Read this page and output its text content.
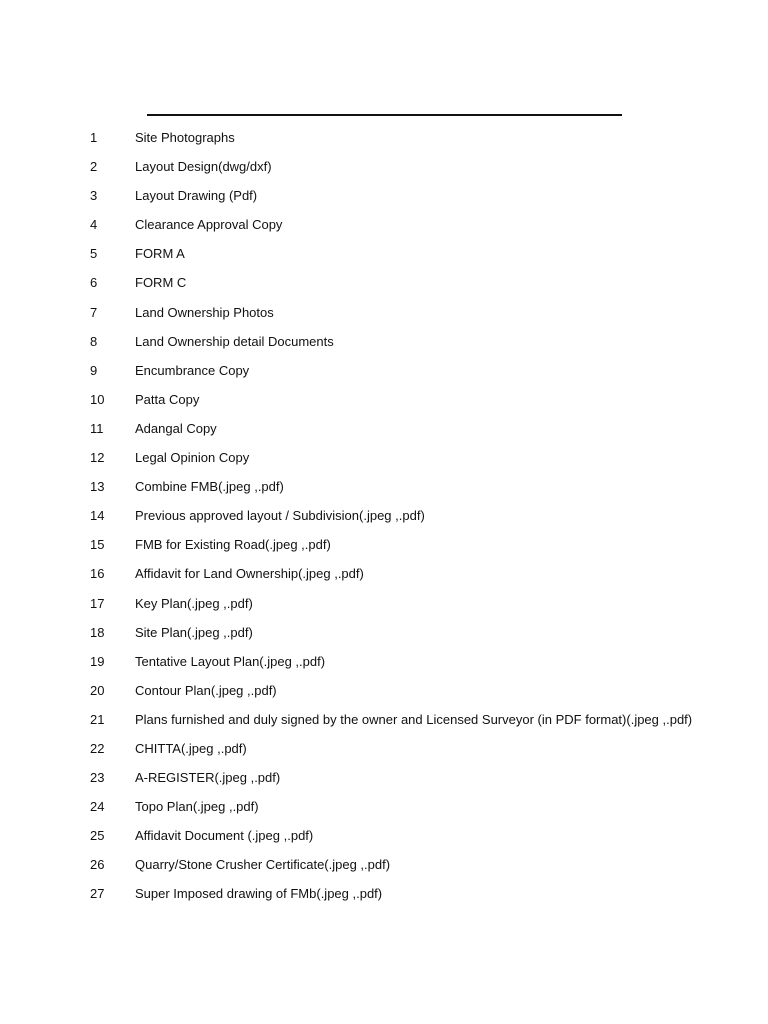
1	Site Photographs
2	Layout Design(dwg/dxf)
3	Layout Drawing (Pdf)
4	Clearance Approval Copy
5	FORM A
6	FORM C
7	Land Ownership Photos
8	Land Ownership detail Documents
9	Encumbrance Copy
10 Patta Copy
11 Adangal Copy
12 Legal Opinion Copy
13 Combine FMB(.jpeg ,.pdf)
14 Previous approved layout / Subdivision(.jpeg ,.pdf)
15 FMB for Existing Road(.jpeg ,.pdf)
16 Affidavit for Land Ownership(.jpeg ,.pdf)
17 Key Plan(.jpeg ,.pdf)
18 Site Plan(.jpeg ,.pdf)
19 Tentative Layout Plan(.jpeg ,.pdf)
20 Contour Plan(.jpeg ,.pdf)
21 Plans furnished and duly signed by the owner and Licensed Surveyor (in PDF format)(.jpeg ,.pdf)
22 CHITTA(.jpeg ,.pdf)
23 A-REGISTER(.jpeg ,.pdf)
24 Topo Plan(.jpeg ,.pdf)
25 Affidavit Document (.jpeg ,.pdf)
26 Quarry/Stone Crusher Certificate(.jpeg ,.pdf)
27 Super Imposed drawing of FMb(.jpeg ,.pdf)
